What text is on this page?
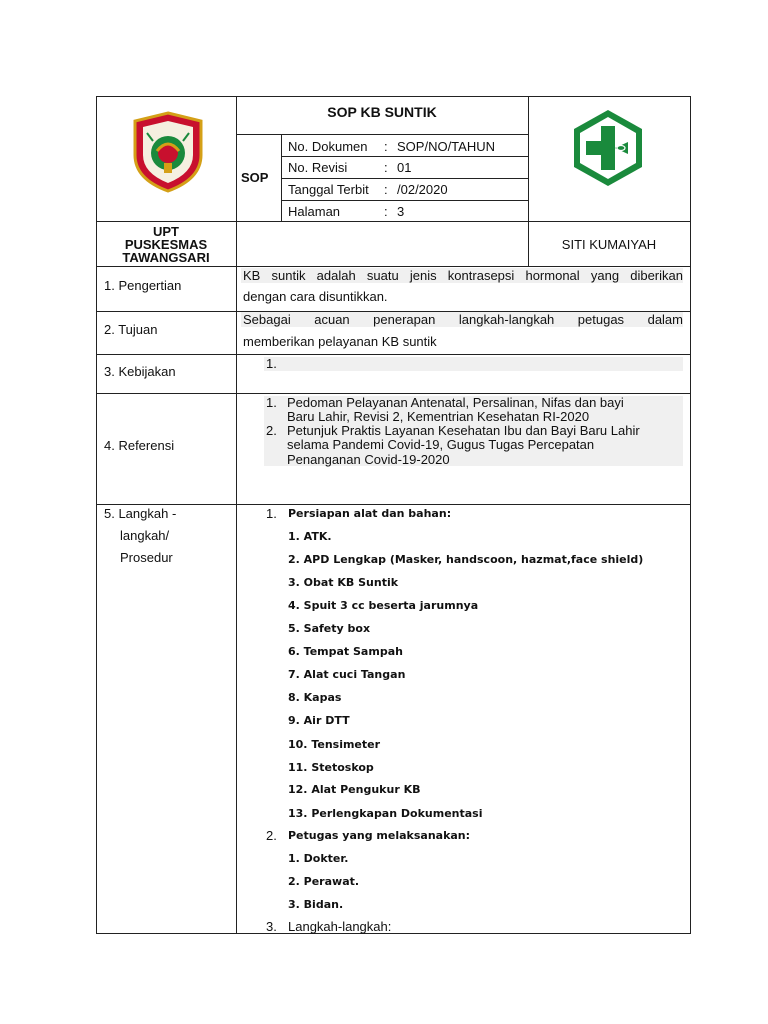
SOP KB SUNTIK
SOP
No. Dokumen : SOP/NO/TAHUN
No. Revisi	: 01
Tanggal Terbit : /02/2020
Halaman	: 3
UPT
PUSKESMAS
TAWANGSARI
SITI KUMAIYAH
1. Pengertian
KB suntik adalah suatu jenis kontrasepsi hormonal yang diberikan
dengan cara disuntikkan.
2. Tujuan
Sebagai acuan penerapan langkah-langkah petugas dalam
memberikan pelayanan KB suntik
3. Kebijakan
1.
4. Referensi
1. Pedoman Pelayanan Antenatal, Persalinan, Nifas dan bayi
Baru Lahir, Revisi 2, Kementrian Kesehatan RI-2020
2. Petunjuk Praktis Layanan Kesehatan Ibu dan Bayi Baru Lahir
selama Pandemi Covid-19, Gugus Tugas Percepatan
Penanganan Covid-19-2020
5. Langkah -
langkah/
Prosedur
1. Persiapan alat dan bahan:
1. ATK.
2. APD Lengkap (Masker, handscoon, hazmat,face shield)
3. Obat KB Suntik
4. Spuit 3 cc beserta jarumnya
5. Safety box
6. Tempat Sampah
7. Alat cuci Tangan
8. Kapas
9. Air DTT
10. Tensimeter
11. Stetoskop
12. Alat Pengukur KB
13. Perlengkapan Dokumentasi
2. Petugas yang melaksanakan:
1. Dokter.
2. Perawat.
3. Bidan.
3. Langkah-langkah:
